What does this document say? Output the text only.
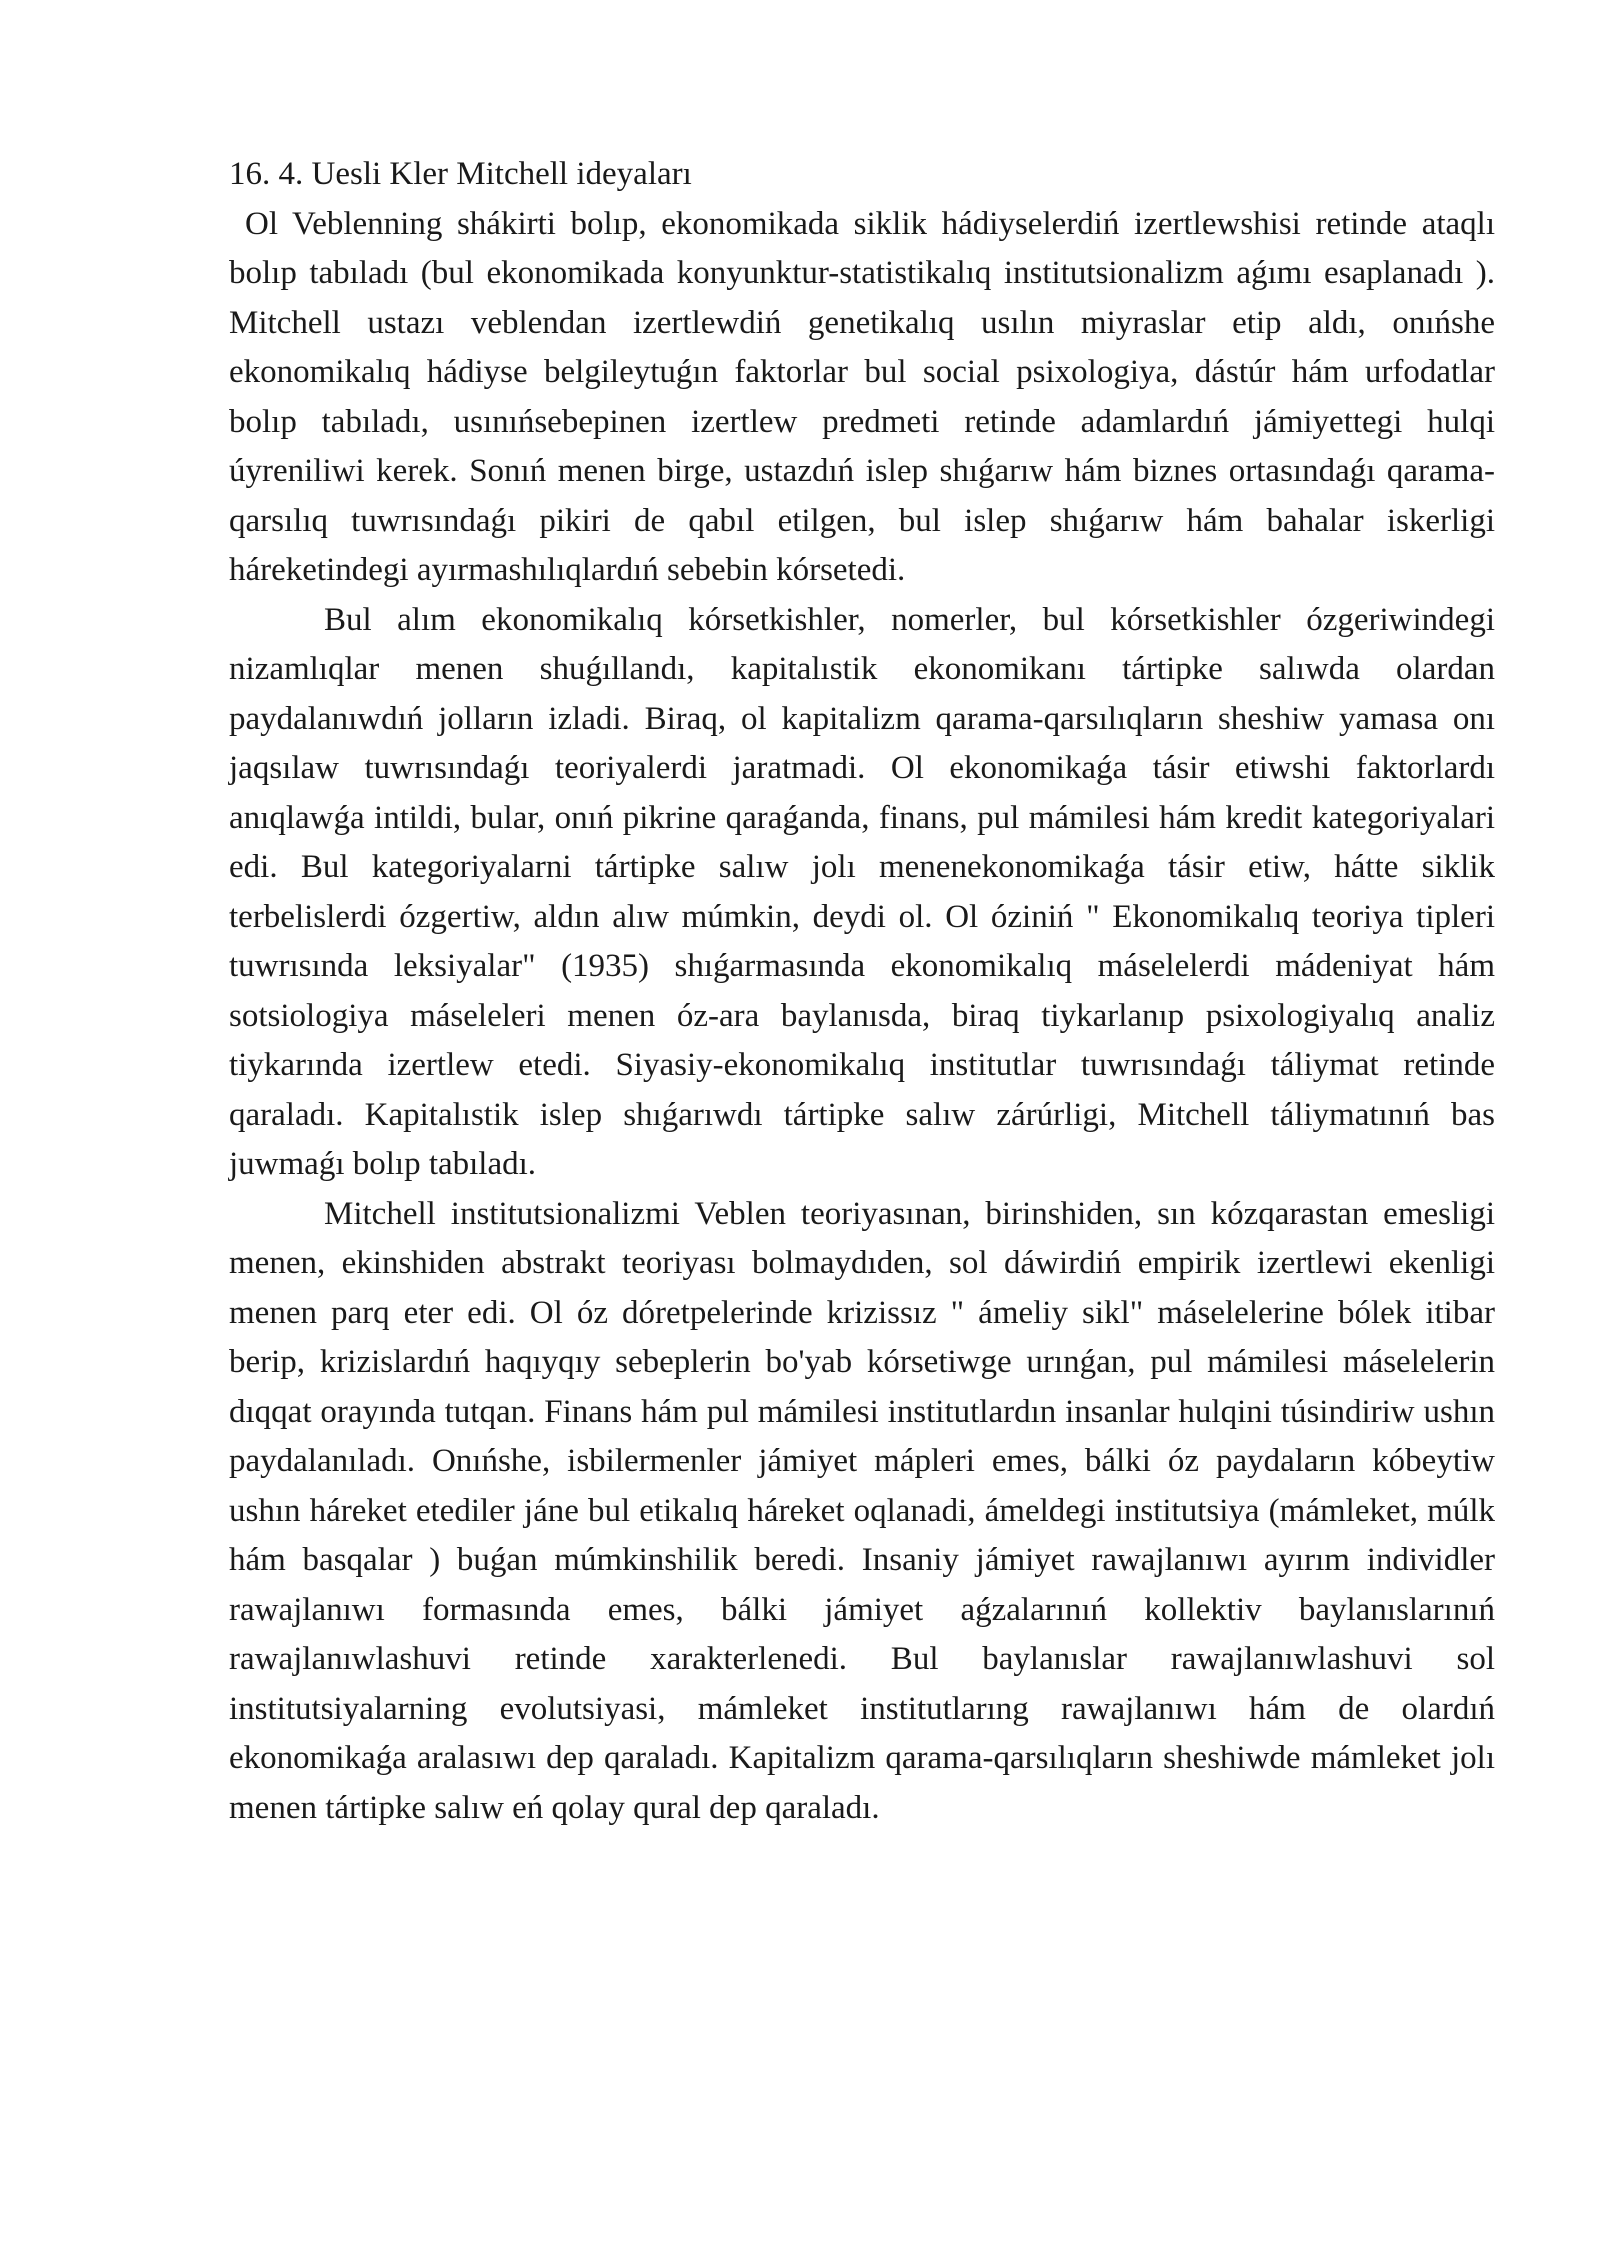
16. 4. Uesli Kler Mitchell ideyaları

Ol Veblenning shákirti bolıp, ekonomikada siklik hádiyselerdiń izertlewshisi retinde ataqlı bolıp tabıladı (bul ekonomikada konyunktur-statistikalıq institutsionalizm aǵımı esaplanadı ). Mitchell ustazı veblendan izertlewdiń genetikalıq usılın miyraslar etip aldı, onıńshe ekonomikalıq hádiyse belgileytuǵın faktorlar bul social psixologiya, dástúr hám urfodatlar bolıp tabıladı, usınıńsebepinen izertlew predmeti retinde adamlardıń jámiyettegi hulqi úyreniliwi kerek. Sonıń menen birge, ustazdıń islep shıǵarıw hám biznes ortasındaǵı qarama-qarsılıq tuwrısındaǵı pikiri de qabıl etilgen, bul islep shıǵarıw hám bahalar iskerligi háreketindegi ayırmashılıqlardıń sebebin kórsetedi.

Bul alım ekonomikalıq kórsetkishler, nomerler, bul kórsetkishler ózgeriwindegi nizamlıqlar menen shuǵıllandı, kapitalıstik ekonomikanı tártipke salıwda olardan paydalanıwdıń jolların izladi. Biraq, ol kapitalizm qarama-qarsılıqların sheshiw yamasa onı jaqsılaw tuwrısındaǵı teoriyalerdi jaratmadi. Ol ekonomikaǵa tásir etiwshi faktorlardı anıqlawǵa intildi, bular, onıń pikrine qaraǵanda, finans, pul mámilesi hám kredit kategoriyalari edi. Bul kategoriyalarni tártipke salıw jolı menenekonomikaǵa tásir etiw, hátte siklik terbelislerdi ózgertiw, aldın alıw múmkin, deydi ol. Ol óziniń " Ekonomikalıq teoriya tipleri tuwrısında leksiyalar" (1935) shıǵarmasında ekonomikalıq máselelerdi mádeniyat hám sotsiologiya máseleleri menen óz-ara baylanısda, biraq tiykarlanıp psixologiyalıq analiz tiykarında izertlew etedi. Siyasiy-ekonomikalıq institutlar tuwrısındaǵı táliymat retinde qaraladı. Kapitalıstik islep shıǵarıwdı tártipke salıw zárúrligi, Mitchell táliymatınıń bas juwmaǵı bolıp tabıladı.

Mitchell institutsionalizmi Veblen teoriyasınan, birinshiden, sın kózqarastan emesligi menen, ekinshiden abstrakt teoriyası bolmaydıden, sol dáwirdiń empirik izertlewi ekenligi menen parq eter edi. Ol óz dóretpelerinde krizissız " ámeliy sikl" máselelerine bólek itibar berip, krizislardıń haqıyqıy sebeplerin bo'yab kórsetiwge urınǵan, pul mámilesi máselelerin dıqqat orayında tutqan. Finans hám pul mámilesi institutlardın insanlar hulqini túsindiriw ushın paydalanıladı. Onıńshe, isbilermenler jámiyet mápleri emes, bálki óz paydaların kóbeytiw ushın háreket etediler jáne bul etikalıq háreket oqlanadi, ámeldegi institutsiya (mámleket, múlk hám basqalar ) buǵan múmkinshilik beredi. Insaniy jámiyet rawajlanıwı ayırım individler rawajlanıwı formasında emes, bálki jámiyet aǵzalarınıń kollektiv baylanıslarınıń rawajlanıwlashuvi retinde xarakterlenedi. Bul baylanıslar rawajlanıwlashuvi sol institutsiyalarning evolutsiyasi, mámleket institutlarıng rawajlanıwı hám de olardıń ekonomikaǵa aralasıwı dep qaraladı. Kapitalizm qarama-qarsılıqların sheshiwde mámleket jolı menen tártipke salıw eń qolay qural dep qaraladı.
